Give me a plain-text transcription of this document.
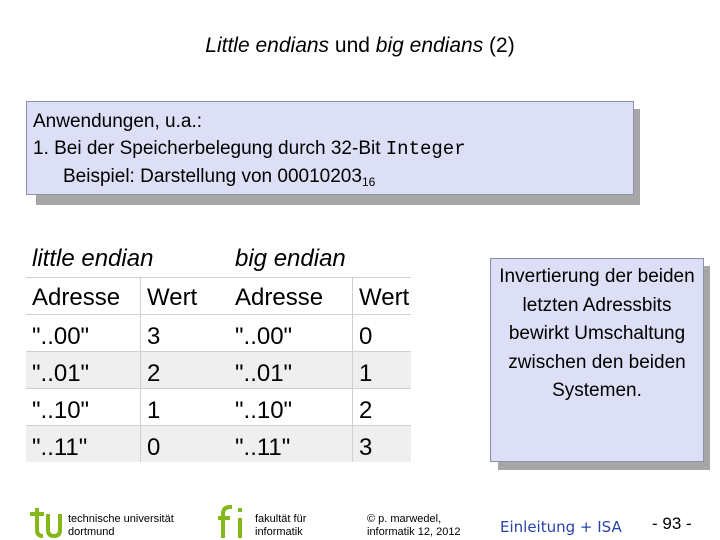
Little endians und big endians (2)
Anwendungen, u.a.:
1. Bei der Speicherbelegung durch 32-Bit Integer
Beispiel: Darstellung von $00010203_{16}$
little endian
Adresse	Wert
"..00"	3
"..01"	2
"..10"	1
"..11"	0
big endian
Adresse	Wert
"..00"	0
"..01"	1
"..10"	2
"..11"	3
Invertierung der beiden letzten Adressbits bewirkt Umschaltung zwischen den beiden Systemen.
technische universität
dortmund
fakultät für
informatik
© p. marwedel,
informatik 12, 2012	Einleitung + ISA - 93 -
